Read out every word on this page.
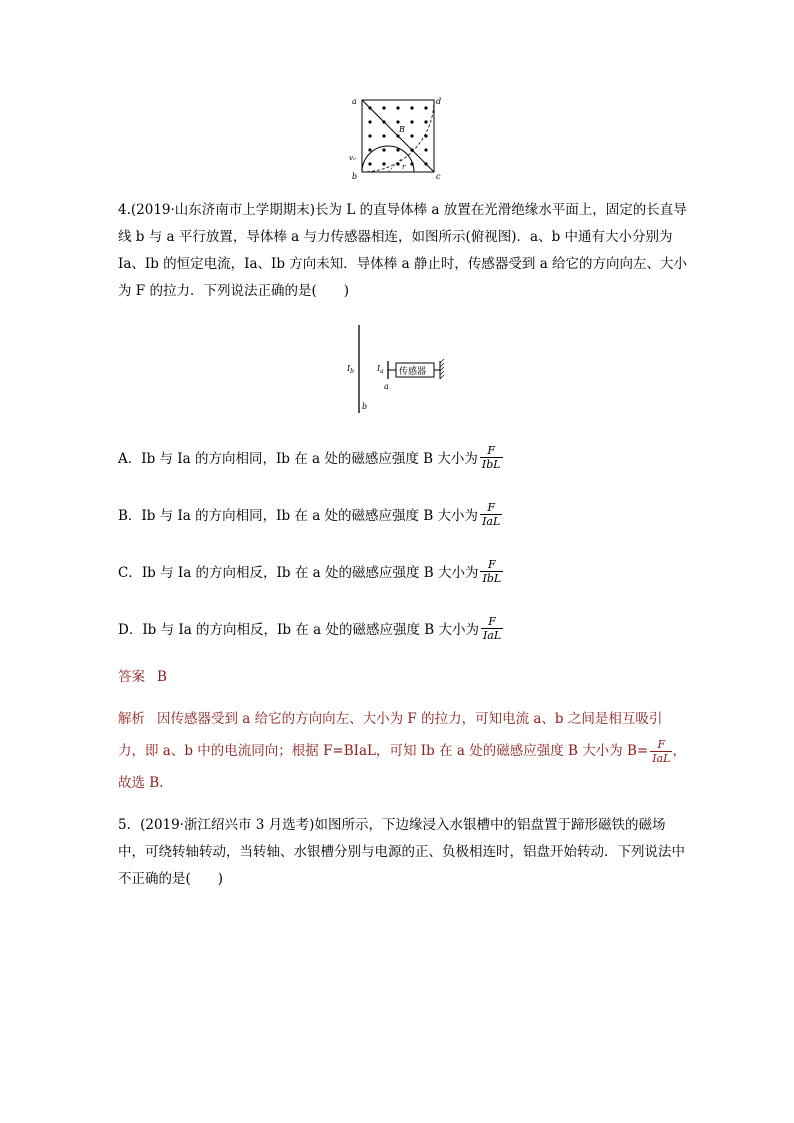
a	d
b	c
B
v₀
r
4.(2019·山东济南市上学期期末)长为 L 的直导体棒 a 放置在光滑绝缘水平面上，固定的长直导线 b 与 a 平行放置，导体棒 a 与力传感器相连，如图所示(俯视图)．a、b 中通有大小分别为 Ia、Ib 的恒定电流，Ia、Ib 方向未知．导体棒 a 静止时，传感器受到 a 给它的方向向左、大小为 F 的拉力．下列说法正确的是(　　)
$I_b$	$I_a$
a
b
传感器
A．Ib 与 Ia 的方向相同，Ib 在 a 处的磁感应强度 B 大小为 $\frac{F}{\text{IbL}}$
B．Ib 与 Ia 的方向相同，Ib 在 a 处的磁感应强度 B 大小为 $\frac{F}{\text{IaL}}$
C．Ib 与 Ia 的方向相反，Ib 在 a 处的磁感应强度 B 大小为 $\frac{F}{\text{IbL}}$
D．Ib 与 Ia 的方向相反，Ib 在 a 处的磁感应强度 B 大小为 $\frac{F}{\text{IaL}}$
答案 B
解析 因传感器受到 a 给它的方向向左、大小为 F 的拉力，可知电流 a、b 之间是相互吸引力，即 a、b 中的电流同向；根据 F=BIaL，可知 Ib 在 a 处的磁感应强度 B 大小为 $B= \frac{F}{\text{IaL}}$ ，故选 B.
5．(2019·浙江绍兴市 3 月选考)如图所示，下边缘浸入水银槽中的铝盘置于蹄形磁铁的磁场中，可绕转轴转动，当转轴、水银槽分别与电源的正、负极相连时，铝盘开始转动．下列说法中不正确的是(　　)
